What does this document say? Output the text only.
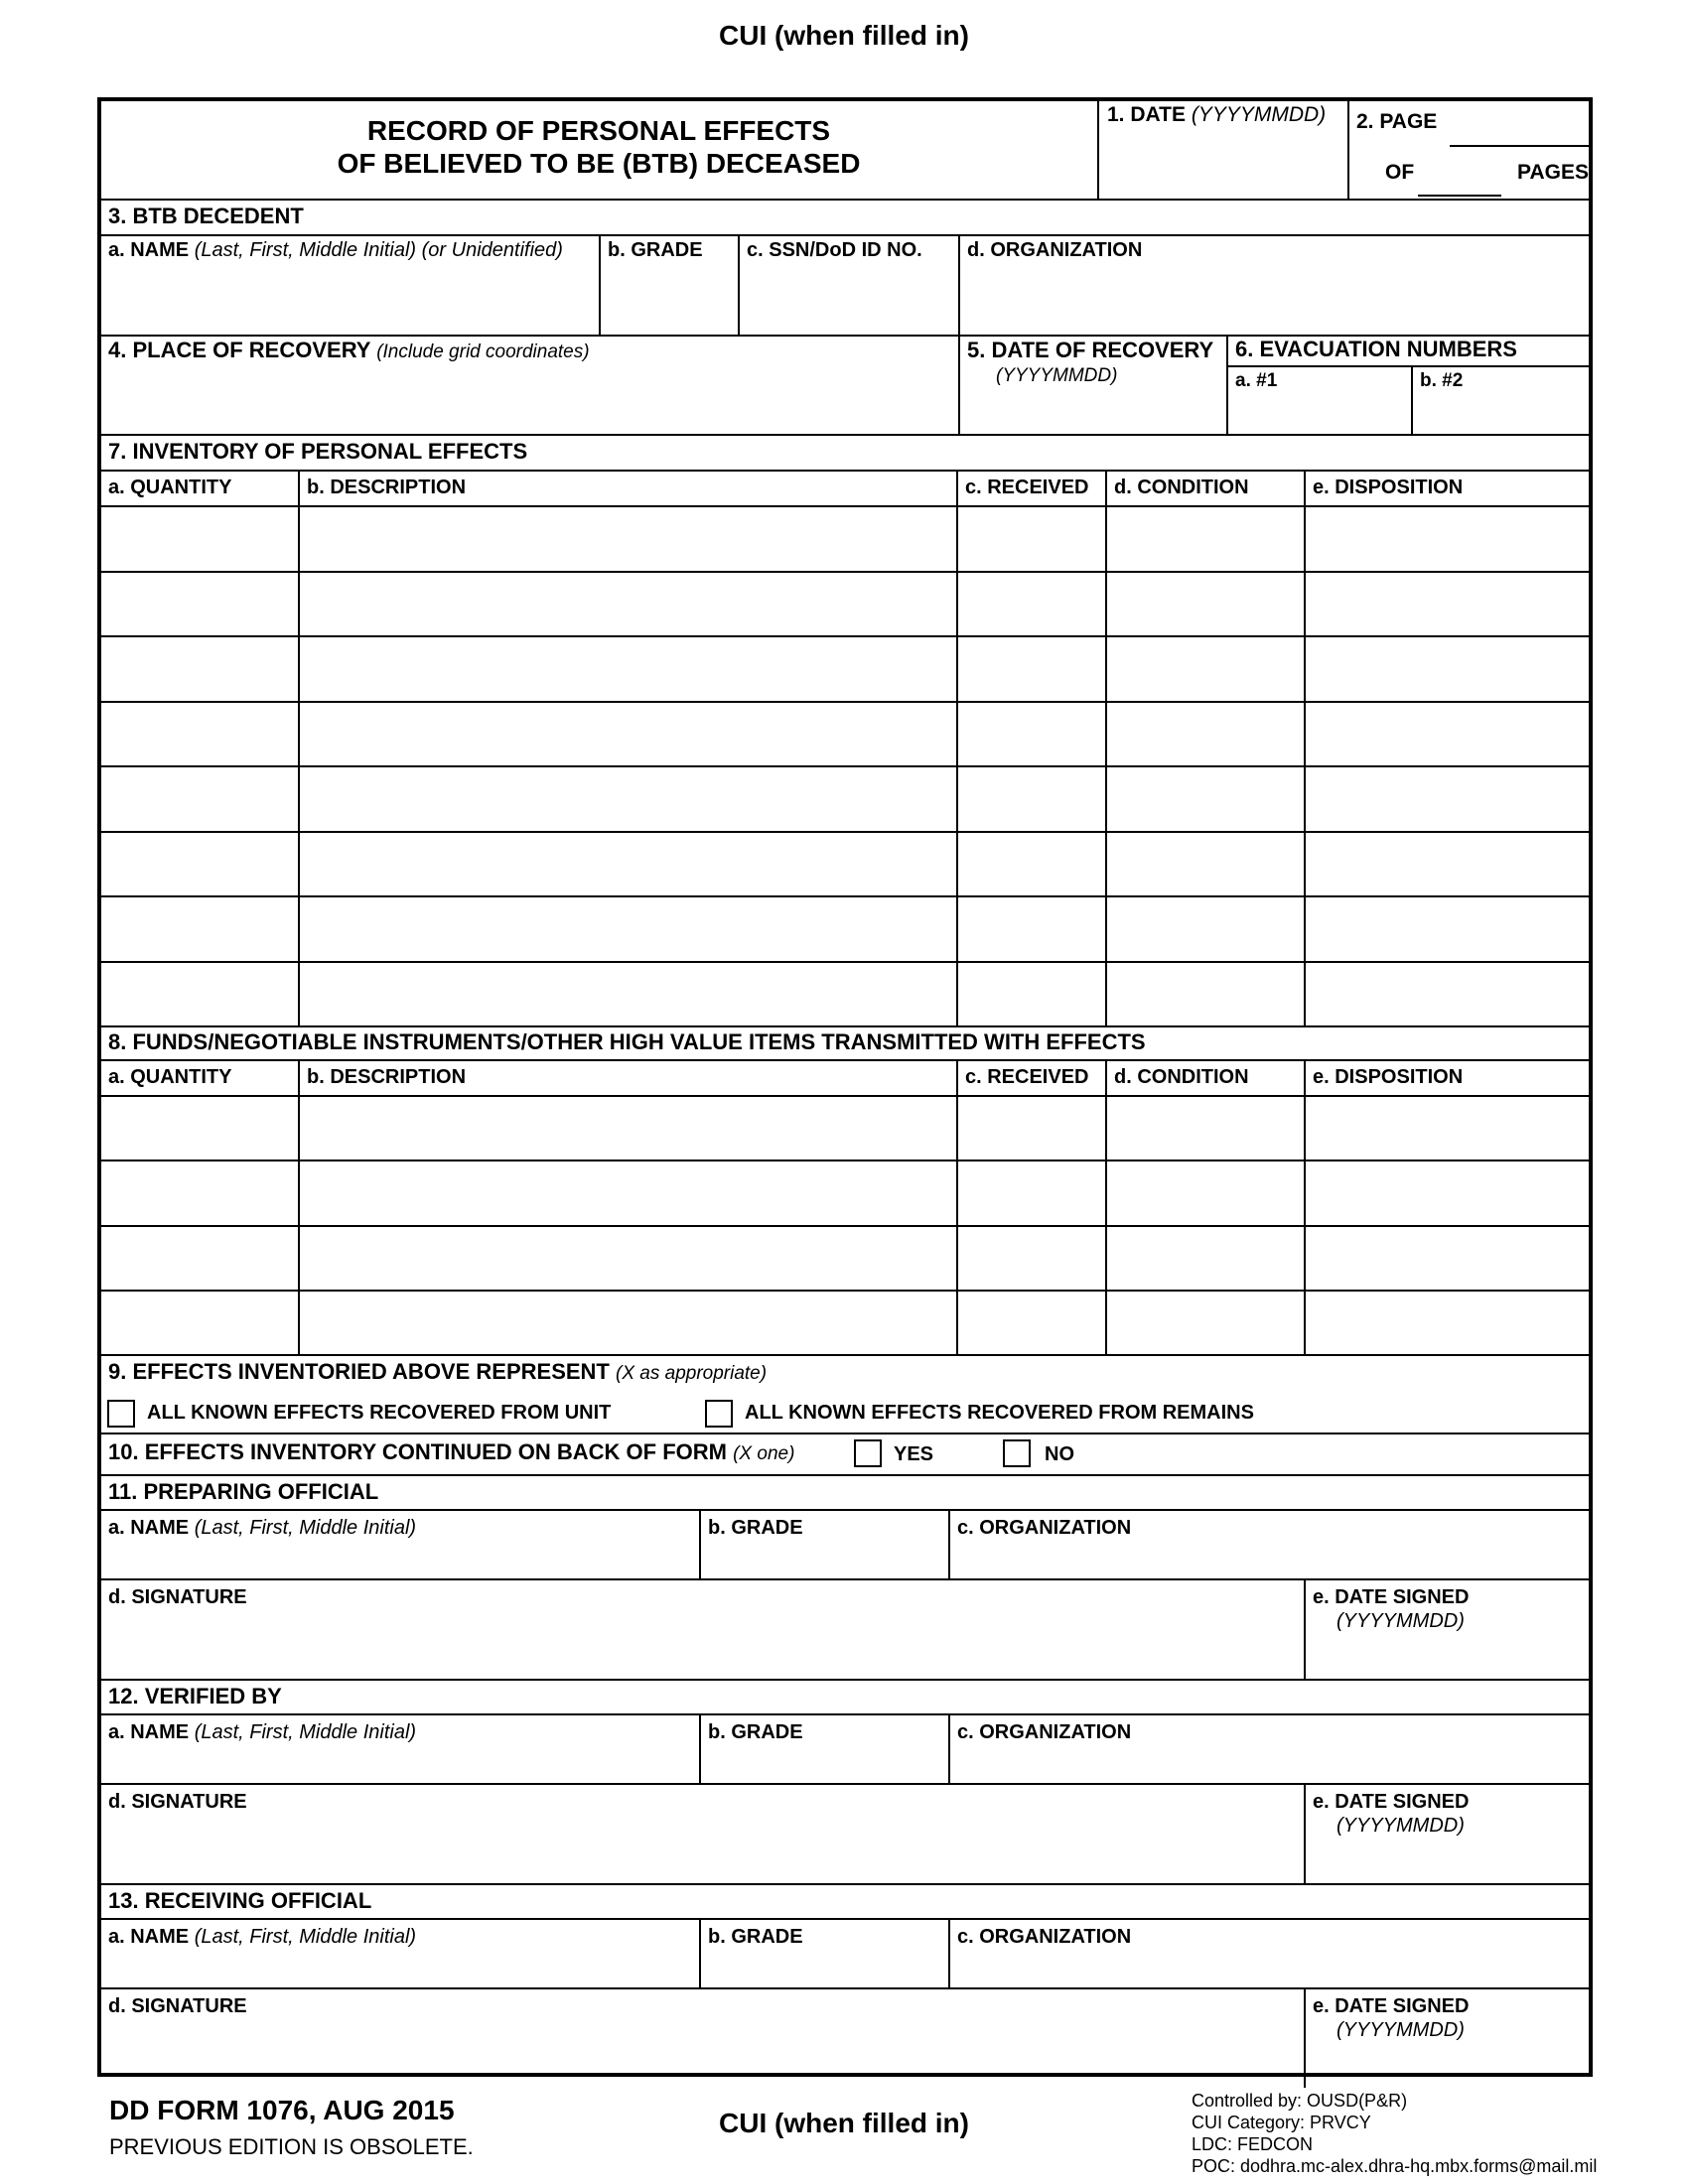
CUI (when filled in)
RECORD OF PERSONAL EFFECTS
OF BELIEVED TO BE (BTB) DECEASED
1. DATE (YYYYMMDD) 2. PAGE
OF	PAGES
3. BTB DECEDENT
a. NAME (Last, First, Middle Initial) (or Unidentified) b. GRADE c. SSN/DoD ID NO. d. ORGANIZATION
4. PLACE OF RECOVERY (Include grid coordinates)	5. DATE OF RECOVERY
(YYYYMMDD)
6. EVACUATION NUMBERS
a. #1	b. #2
7. INVENTORY OF PERSONAL EFFECTS
a. QUANTITY	b. DESCRIPTION	c. RECEIVED d. CONDITION	e. DISPOSITION
8. FUNDS/NEGOTIABLE INSTRUMENTS/OTHER HIGH VALUE ITEMS TRANSMITTED WITH EFFECTS
a. QUANTITY	b. DESCRIPTION	c. RECEIVED d. CONDITION	e. DISPOSITION
9. EFFECTS INVENTORIED ABOVE REPRESENT (X as appropriate)
ALL KNOWN EFFECTS RECOVERED FROM UNIT	ALL KNOWN EFFECTS RECOVERED FROM REMAINS
10. EFFECTS INVENTORY CONTINUED ON BACK OF FORM (X one)	YES	NO
11. PREPARING OFFICIAL
a. NAME (Last, First, Middle Initial)	b. GRADE	c. ORGANIZATION
d. SIGNATURE	e. DATE SIGNED
(YYYYMMDD)
12. VERIFIED BY
a. NAME (Last, First, Middle Initial)	b. GRADE	c. ORGANIZATION
d. SIGNATURE	e. DATE SIGNED
(YYYYMMDD)
13. RECEIVING OFFICIAL
a. NAME (Last, First, Middle Initial)	b. GRADE	c. ORGANIZATION
d. SIGNATURE	e. DATE SIGNED
(YYYYMMDD)
DD FORM 1076, AUG 2015
PREVIOUS EDITION IS OBSOLETE.
CUI (when filled in)
Controlled by: OUSD(P&R)
CUI Category: PRVCY
LDC: FEDCON
POC: dodhra.mc-alex.dhra-hq.mbx.forms@mail.mil
